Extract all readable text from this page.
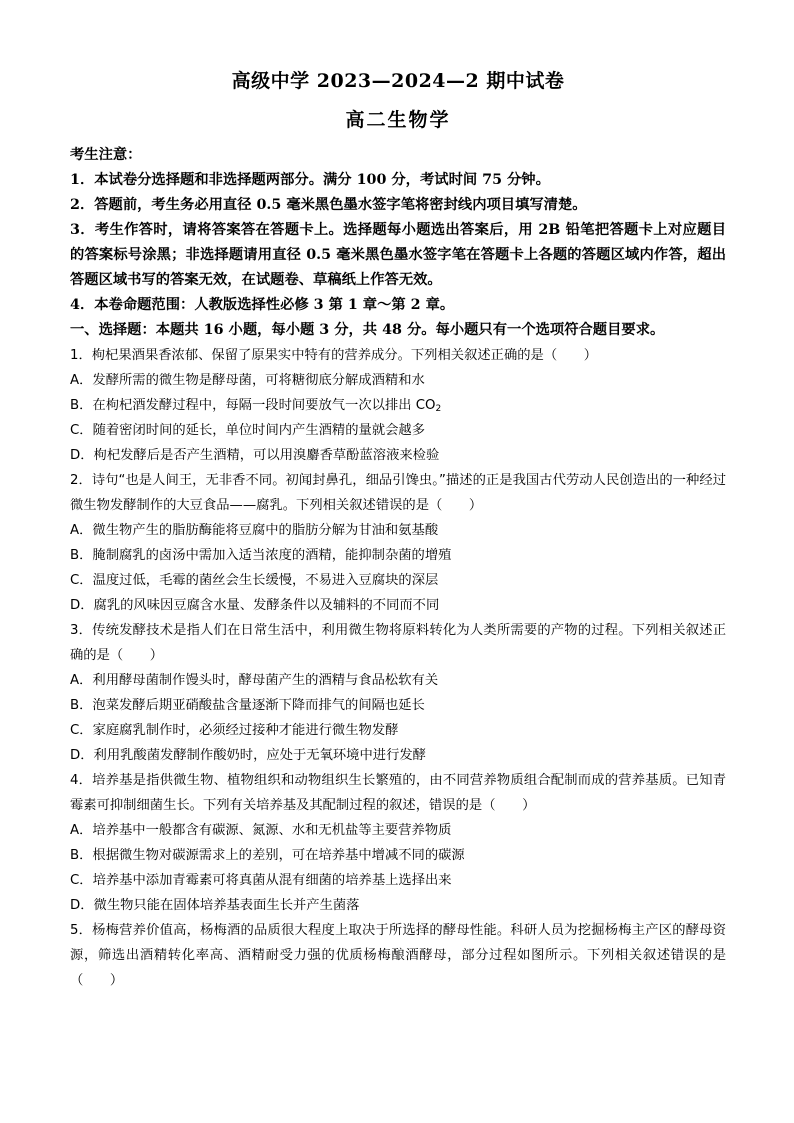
高级中学 2023—2024—2 期中试卷
高二生物学

考生注意：

1．本试卷分选择题和非选择题两部分。满分 100 分，考试时间 75 分钟。

2．答题前，考生务必用直径 0.5 毫米黑色墨水签字笔将密封线内项目填写清楚。

3．考生作答时，请将答案答在答题卡上。选择题每小题选出答案后，用 2B 铅笔把答题卡上对应题目的答案标号涂黑；非选择题请用直径 0.5 毫米黑色墨水签字笔在答题卡上各题的答题区域内作答，超出答题区域书写的答案无效，在试题卷、草稿纸上作答无效。

4．本卷命题范围：人教版选择性必修 3 第 1 章～第 2 章。

一、选择题：本题共 16 小题，每小题 3 分，共 48 分。每小题只有一个选项符合题目要求。

1．枸杞果酒果香浓郁、保留了原果实中特有的营养成分。下列相关叙述正确的是（　　）

A．发酵所需的微生物是酵母菌，可将糖彻底分解成酒精和水

B．在枸杞酒发酵过程中，每隔一段时间要放气一次以排出 $CO_2$

C．随着密闭时间的延长，单位时间内产生酒精的量就会越多

D．枸杞发酵后是否产生酒精，可以用溴麝香草酚蓝溶液来检验

2．诗句“也是人间王，无非香不同。初闻封鼻孔，细品引馋虫。”描述的正是我国古代劳动人民创造出的一种经过微生物发酵制作的大豆食品——腐乳。下列相关叙述错误的是（　　）

A．微生物产生的脂肪酶能将豆腐中的脂肪分解为甘油和氨基酸

B．腌制腐乳的卤汤中需加入适当浓度的酒精，能抑制杂菌的增殖

C．温度过低，毛霉的菌丝会生长缓慢，不易进入豆腐块的深层

D．腐乳的风味因豆腐含水量、发酵条件以及辅料的不同而不同

3．传统发酵技术是指人们在日常生活中，利用微生物将原料转化为人类所需要的产物的过程。下列相关叙述正确的是（　　）

A．利用酵母菌制作馒头时，酵母菌产生的酒精与食品松软有关

B．泡菜发酵后期亚硝酸盐含量逐渐下降而排气的间隔也延长

C．家庭腐乳制作时，必须经过接种才能进行微生物发酵

D．利用乳酸菌发酵制作酸奶时，应处于无氧环境中进行发酵

4．培养基是指供微生物、植物组织和动物组织生长繁殖的，由不同营养物质组合配制而成的营养基质。已知青霉素可抑制细菌生长。下列有关培养基及其配制过程的叙述，错误的是（　　）

A．培养基中一般都含有碳源、氮源、水和无机盐等主要营养物质

B．根据微生物对碳源需求上的差别，可在培养基中增减不同的碳源

C．培养基中添加青霉素可将真菌从混有细菌的培养基上选择出来

D．微生物只能在固体培养基表面生长并产生菌落

5．杨梅营养价值高，杨梅酒的品质很大程度上取决于所选择的酵母性能。科研人员为挖掘杨梅主产区的酵母资源，筛选出酒精转化率高、酒精耐受力强的优质杨梅酿酒酵母，部分过程如图所示。下列相关叙述错误的是（　　）
